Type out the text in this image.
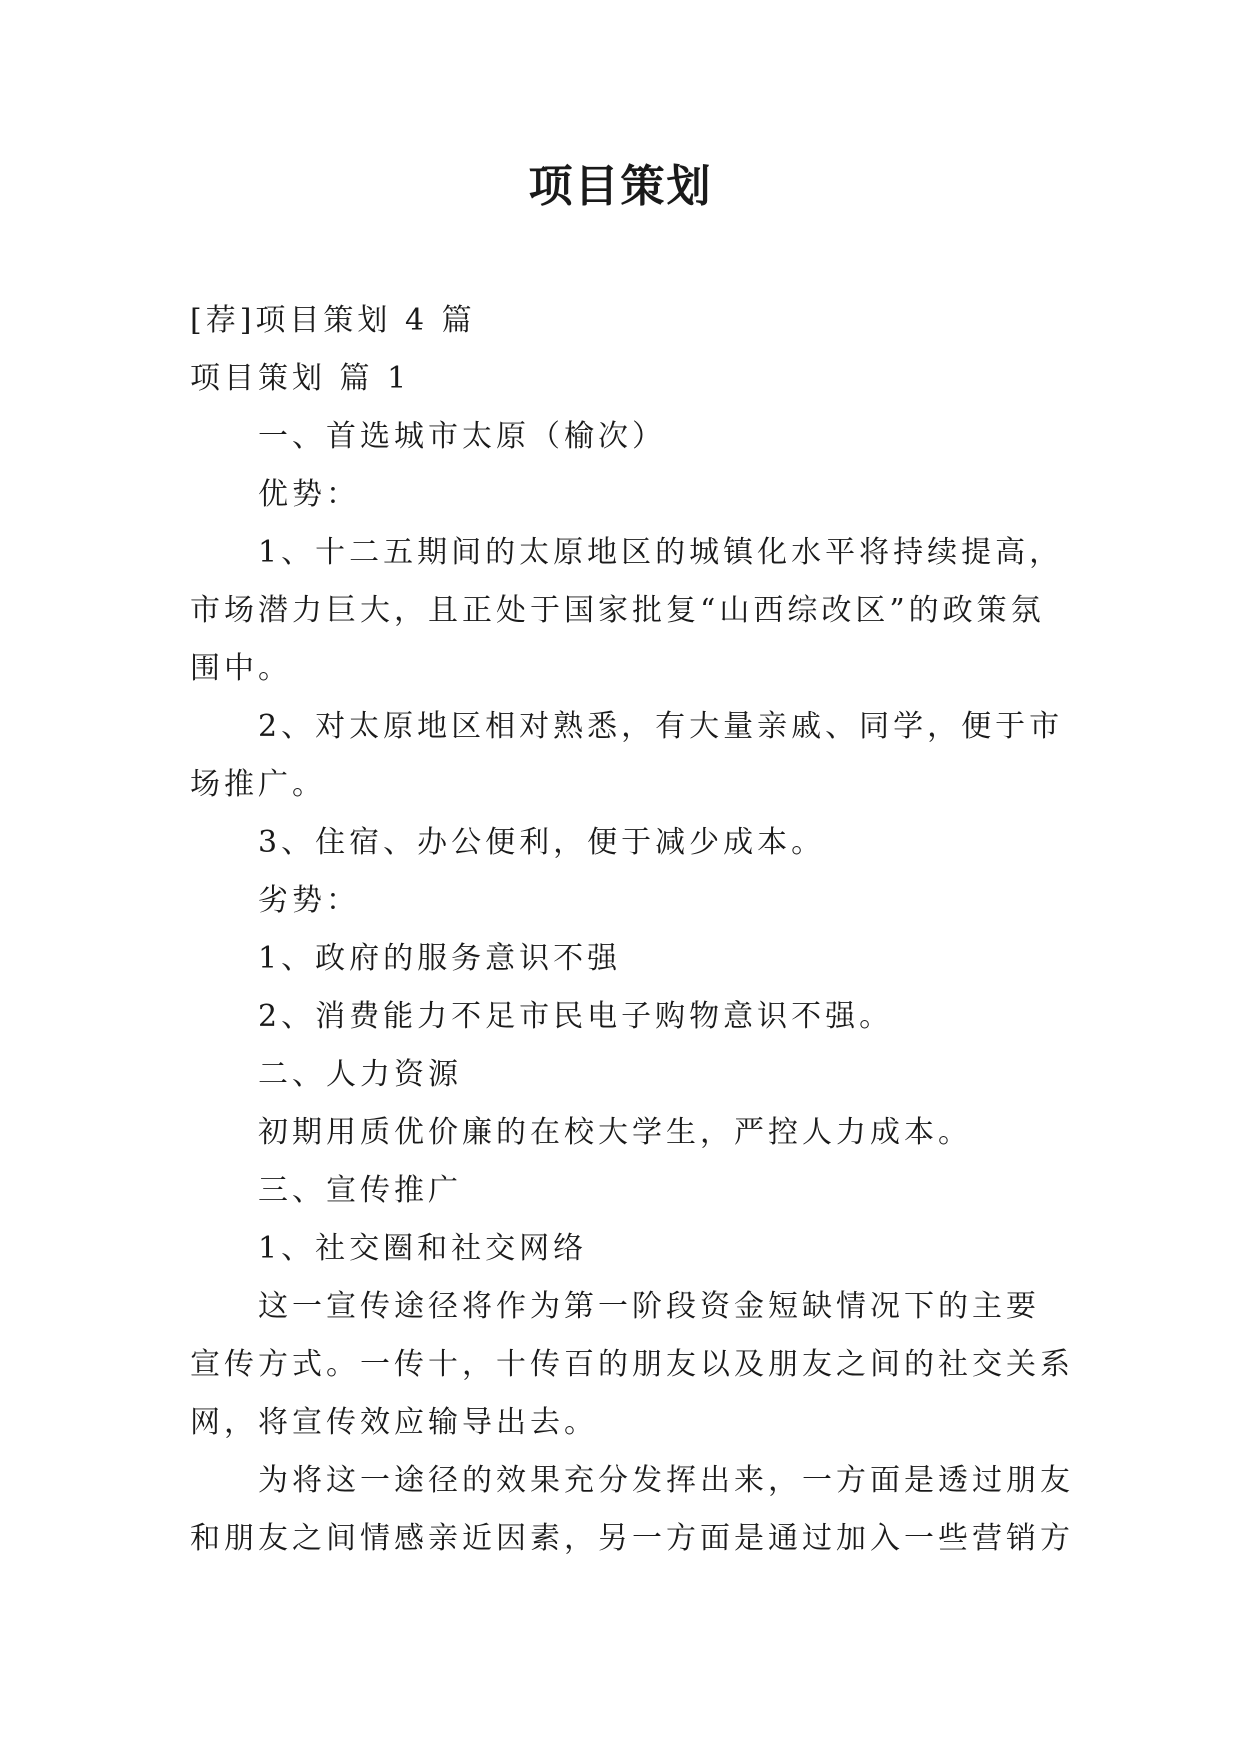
项目策划

[荐]项目策划 4 篇

项目策划 篇 1

一、首选城市太原（榆次）

优势：

1、十二五期间的太原地区的城镇化水平将持续提高，

市场潜力巨大，且正处于国家批复“山西综改区”的政策氛

围中。

2、对太原地区相对熟悉，有大量亲戚、同学，便于市

场推广。

3、住宿、办公便利，便于减少成本。

劣势：

1、政府的服务意识不强

2、消费能力不足市民电子购物意识不强。

二、人力资源

初期用质优价廉的在校大学生，严控人力成本。

三、宣传推广

1、社交圈和社交网络

这一宣传途径将作为第一阶段资金短缺情况下的主要

宣传方式。一传十，十传百的朋友以及朋友之间的社交关系

网，将宣传效应输导出去。

为将这一途径的效果充分发挥出来，一方面是透过朋友

和朋友之间情感亲近因素，另一方面是通过加入一些营销方
